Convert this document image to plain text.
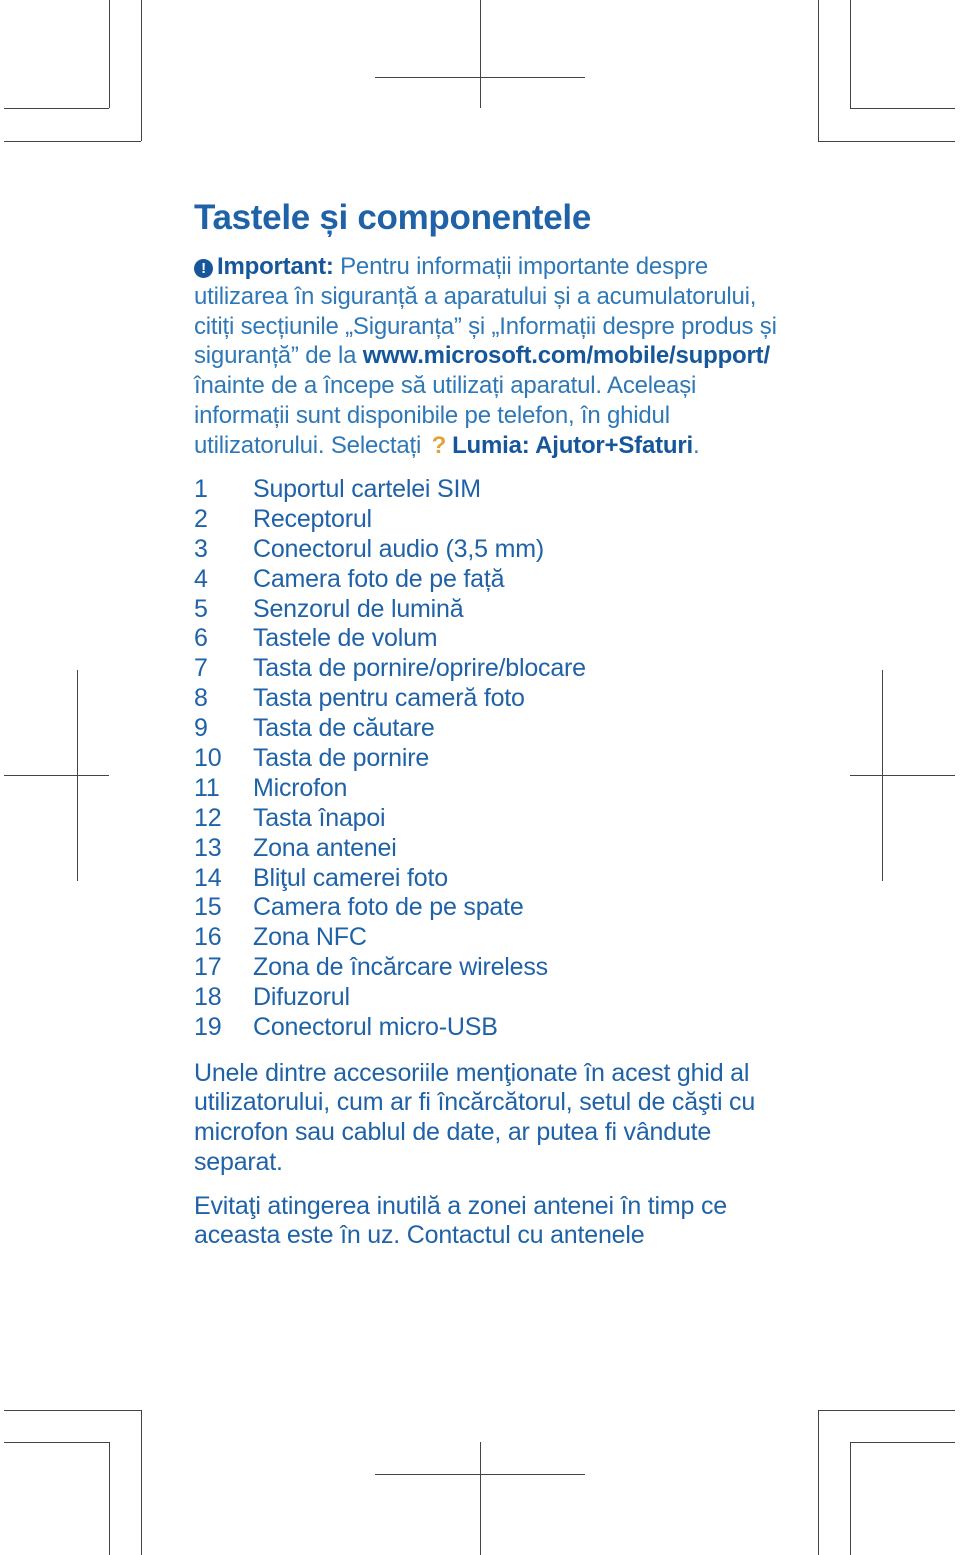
Tastele și componentele

! Important: Pentru informații importante despre utilizarea în siguranță a aparatului și a acumulatorului, citiți secțiunile „Siguranța” și „Informații despre produs și siguranță” de la www.microsoft.com/mobile/support/ înainte de a începe să utilizați aparatul. Aceleași informații sunt disponibile pe telefon, în ghidul utilizatorului. Selectați ? Lumia: Ajutor+Sfaturi.

1	Suportul cartelei SIM
2	Receptorul
3	Conectorul audio (3,5 mm)
4	Camera foto de pe față
5	Senzorul de lumină
6	Tastele de volum
7	Tasta de pornire/oprire/blocare
8	Tasta pentru cameră foto
9	Tasta de căutare
10	Tasta de pornire
11	Microfon
12	Tasta înapoi
13	Zona antenei
14	Bliţul camerei foto
15	Camera foto de pe spate
16	Zona NFC
17	Zona de încărcare wireless
18	Difuzorul
19	Conectorul micro-USB

Unele dintre accesoriile menţionate în acest ghid al utilizatorului, cum ar fi încărcătorul, setul de căşti cu microfon sau cablul de date, ar putea fi vândute separat.

Evitaţi atingerea inutilă a zonei antenei în timp ce aceasta este în uz. Contactul cu antenele
